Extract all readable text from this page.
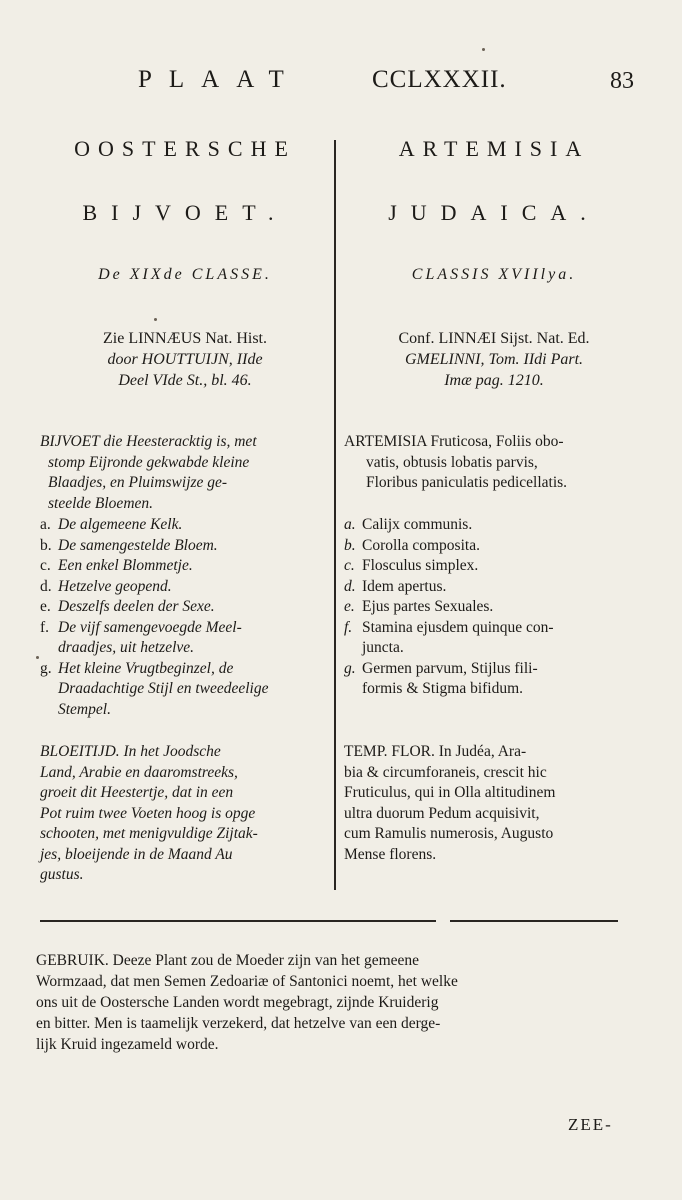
PLAAT	CCLXXXII.	83
OOSTERSCHE
BIJVOET.
De XIXde CLASSE.
Zie LINNÆUS Nat. Hist.
door HOUTTUIJN, IIde
Deel VIde St., bl. 46.
BIJVOET die Heesteracktig is, met
stomp Eijronde gekwabde kleine
Blaadjes, en Pluimswijze ge-
steelde Bloemen.
a. De algemeene Kelk.
b. De samengestelde Bloem.
c. Een enkel Blommetje.
d. Hetzelve geopend.
e. Deszelfs deelen der Sexe.
f. De vijf samengevoegde Meel-
draadjes, uit hetzelve.
g. Het kleine Vrugtbeginzel, de
Draadachtige Stijl en tweedeelige
Stempel.
BLOEITIJD. In het Joodsche
Land, Arabie en daaromstreeks,
groeit dit Heestertje, dat in een
Pot ruim twee Voeten hoog is opge
schooten, met menigvuldige Zijtak-
jes, bloeijende in de Maand Au
gustus.
ARTEMISIA
JUDAICA.
CLASSIS XVIIlya.
Conf. LINNÆI Sijst. Nat. Ed.
GMELINNI, Tom. IIdi Part.
Imæ pag. 1210.
ARTEMISIA Fruticosa, Foliis obo-
vatis, obtusis lobatis parvis,
Floribus paniculatis pedicellatis.
a. Calijx communis.
b. Corolla composita.
c. Flosculus simplex.
d. Idem apertus.
e. Ejus partes Sexuales.
f. Stamina ejusdem quinque con-
juncta.
g. Germen parvum, Stijlus fili-
formis & Stigma bifidum.
TEMP. FLOR. In Judéa, Ara-
bia & circumforaneis, crescit hic
Fruticulus, qui in Olla altitudinem
ultra duorum Pedum acquisivit,
cum Ramulis numerosis, Augusto
Mense florens.
GEBRUIK. Deeze Plant zou de Moeder zijn van het gemeene
Wormzaad, dat men Semen Zedoariæ of Santonici noemt, het welke
ons uit de Oostersche Landen wordt megebragt, zijnde Kruiderig
en bitter. Men is taamelijk verzekerd, dat hetzelve van een derge-
lijk Kruid ingezameld worde.
ZEE-
